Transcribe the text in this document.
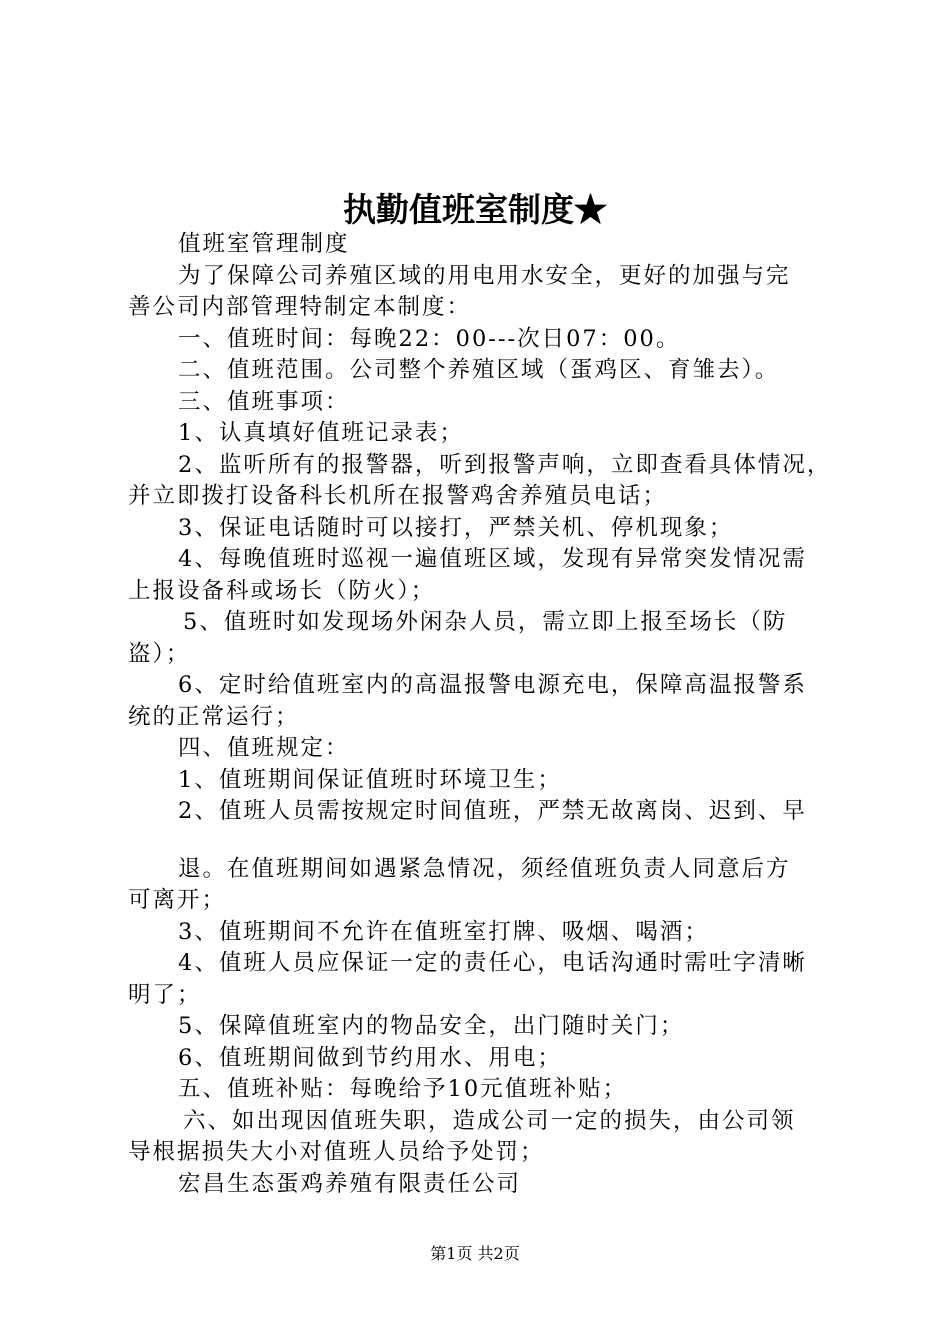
执勤值班室制度★
值班室管理制度
为了保障公司养殖区域的用电用水安全，更好的加强与完
善公司内部管理特制定本制度：
一、值班时间：每晚22：00---次日07：00。
二、值班范围。公司整个养殖区域（蛋鸡区、育雏去）。
三、值班事项：
1、认真填好值班记录表；
2、监听所有的报警器，听到报警声响，立即查看具体情况，
并立即拨打设备科长机所在报警鸡舍养殖员电话；
3、保证电话随时可以接打，严禁关机、停机现象；
4、每晚值班时巡视一遍值班区域，发现有异常突发情况需
上报设备科或场长（防火）；
5、值班时如发现场外闲杂人员，需立即上报至场长（防
盗）；
6、定时给值班室内的高温报警电源充电，保障高温报警系
统的正常运行；
四、值班规定：
1、值班期间保证值班时环境卫生；
2、值班人员需按规定时间值班，严禁无故离岗、迟到、早
退。在值班期间如遇紧急情况，须经值班负责人同意后方
可离开；
3、值班期间不允许在值班室打牌、吸烟、喝酒；
4、值班人员应保证一定的责任心，电话沟通时需吐字清晰
明了；
5、保障值班室内的物品安全，出门随时关门；
6、值班期间做到节约用水、用电；
五、值班补贴：每晚给予10元值班补贴；
六、如出现因值班失职，造成公司一定的损失，由公司领
导根据损失大小对值班人员给予处罚；
宏昌生态蛋鸡养殖有限责任公司
第1页 共2页
